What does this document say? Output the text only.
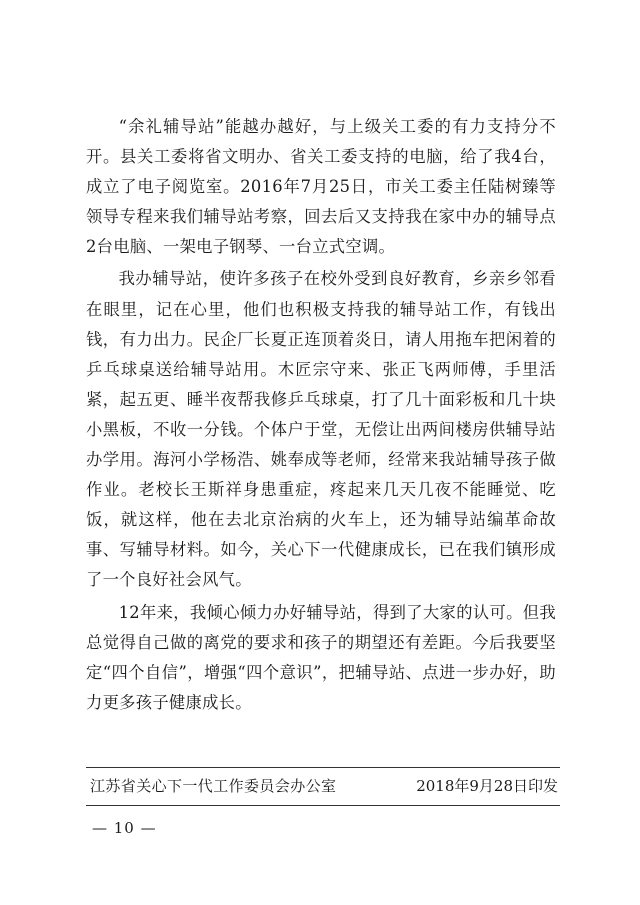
“余礼辅导站”能越办越好，与上级关工委的有力支持分不开。县关工委将省文明办、省关工委支持的电脑，给了我4台，成立了电子阅览室。2016年7月25日，市关工委主任陆树臻等领导专程来我们辅导站考察，回去后又支持我在家中办的辅导点2台电脑、一架电子钢琴、一台立式空调。

我办辅导站，使许多孩子在校外受到良好教育，乡亲乡邻看在眼里，记在心里，他们也积极支持我的辅导站工作，有钱出钱，有力出力。民企厂长夏正连顶着炎日，请人用拖车把闲着的乒乓球桌送给辅导站用。木匠宗守来、张正飞两师傅，手里活紧，起五更、睡半夜帮我修乒乓球桌，打了几十面彩板和几十块小黑板，不收一分钱。个体户于堂，无偿让出两间楼房供辅导站办学用。海河小学杨浩、姚奉成等老师，经常来我站辅导孩子做作业。老校长王斯祥身患重症，疼起来几天几夜不能睡觉、吃饭，就这样，他在去北京治病的火车上，还为辅导站编革命故事、写辅导材料。如今，关心下一代健康成长，已在我们镇形成了一个良好社会风气。

12年来，我倾心倾力办好辅导站，得到了大家的认可。但我总觉得自己做的离党的要求和孩子的期望还有差距。今后我要坚定“四个自信”，增强“四个意识”，把辅导站、点进一步办好，助力更多孩子健康成长。

江苏省关心下一代工作委员会办公室	2018年9月28日印发
— 10 —
